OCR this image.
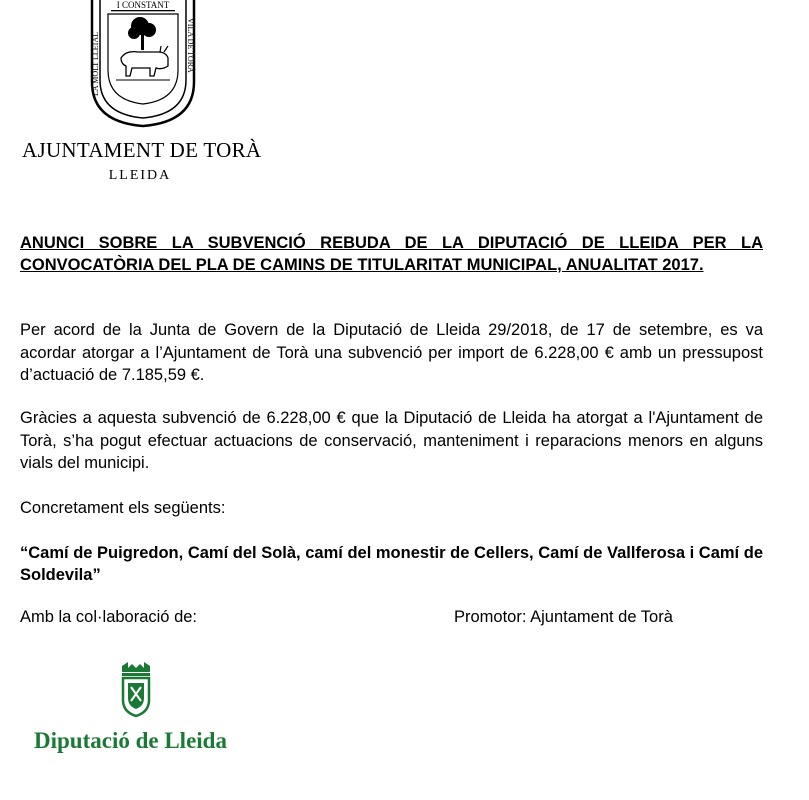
I CONSTANT
LA MOLT LLEIAL	VILA DE TORÀ
AJUNTAMENT DE TORÀ
LLEIDA
ANUNCI SOBRE LA SUBVENCIÓ REBUDA DE LA DIPUTACIÓ DE LLEIDA PER LA CONVOCATÒRIA DEL PLA DE CAMINS DE TITULARITAT MUNICIPAL, ANUALITAT 2017.
Per acord de la Junta de Govern de la Diputació de Lleida 29/2018, de 17 de setembre, es va acordar atorgar a l’Ajuntament de Torà una subvenció per import de 6.228,00 € amb un pressupost d’actuació de 7.185,59 €.
Gràcies a aquesta subvenció de 6.228,00 € que la Diputació de Lleida ha atorgat a l'Ajuntament de Torà, s’ha pogut efectuar actuacions de conservació, manteniment i reparacions menors en alguns vials del municipi.
Concretament els següents:
“Camí de Puigredon, Camí del Solà, camí del monestir de Cellers, Camí de Vallferosa i Camí de Soldevila”
Amb la col·laboració de:	Promotor: Ajuntament de Torà
Diputació de Lleida
